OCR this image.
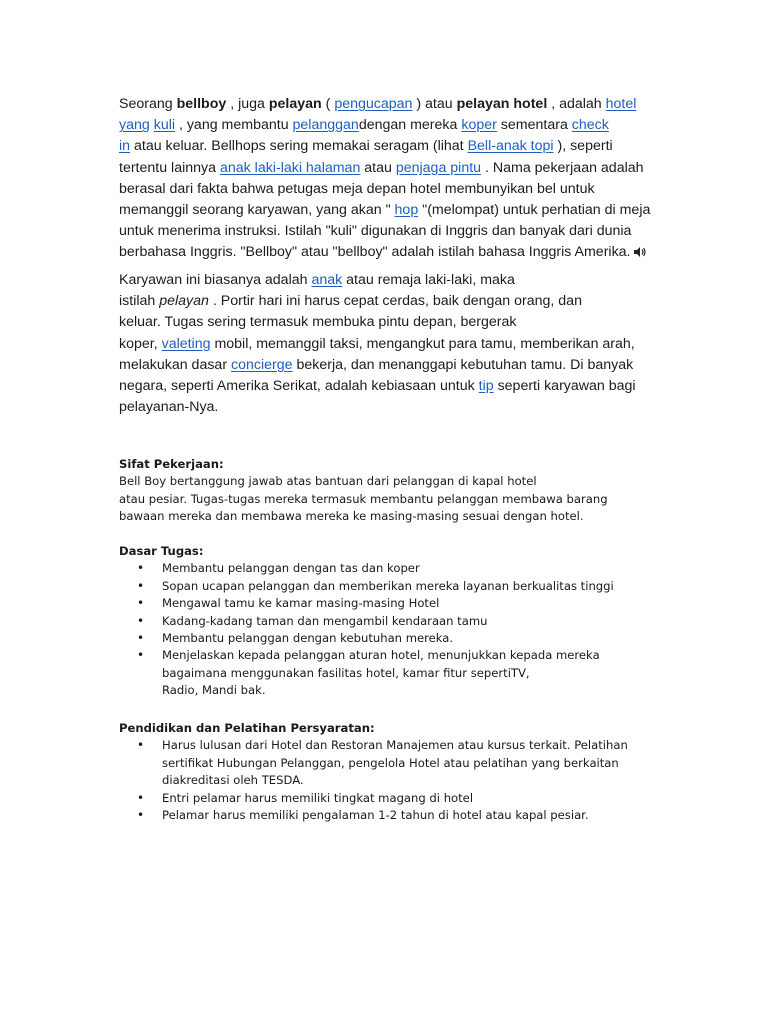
Seorang bellboy , juga pelayan ( pengucapan ) atau pelayan hotel , adalah hotel
yang kuli , yang membantu pelanggandengan mereka koper sementara check
in atau keluar. Bellhops sering memakai seragam (lihat Bell-anak topi ), seperti
tertentu lainnya anak laki-laki halaman atau penjaga pintu . Nama pekerjaan adalah
berasal dari fakta bahwa petugas meja depan hotel membunyikan bel untuk
memanggil seorang karyawan, yang akan " hop "(melompat) untuk perhatian di meja
untuk menerima instruksi. Istilah "kuli" digunakan di Inggris dan banyak dari dunia
berbahasa Inggris. "Bellboy" atau "bellboy" adalah istilah bahasa Inggris Amerika.
Karyawan ini biasanya adalah anak atau remaja laki-laki, maka
istilah pelayan . Portir hari ini harus cepat cerdas, baik dengan orang, dan
keluar. Tugas sering termasuk membuka pintu depan, bergerak
koper, valeting mobil, memanggil taksi, mengangkut para tamu, memberikan arah,
melakukan dasar concierge bekerja, dan menanggapi kebutuhan tamu. Di banyak
negara, seperti Amerika Serikat, adalah kebiasaan untuk tip seperti karyawan bagi
pelayanan-Nya.
Sifat Pekerjaan:
Bell Boy bertanggung jawab atas bantuan dari pelanggan di kapal hotel
atau pesiar. Tugas-tugas mereka termasuk membantu pelanggan membawa barang
bawaan mereka dan membawa mereka ke masing-masing sesuai dengan hotel.
Dasar Tugas:
• Membantu pelanggan dengan tas dan koper
• Sopan ucapan pelanggan dan memberikan mereka layanan berkualitas tinggi
• Mengawal tamu ke kamar masing-masing Hotel
• Kadang-kadang taman dan mengambil kendaraan tamu
• Membantu pelanggan dengan kebutuhan mereka.
• Menjelaskan kepada pelanggan aturan hotel, menunjukkan kepada mereka
bagaimana menggunakan fasilitas hotel, kamar fitur sepertiTV,
Radio, Mandi bak.
Pendidikan dan Pelatihan Persyaratan:
• Harus lulusan dari Hotel dan Restoran Manajemen atau kursus terkait. Pelatihan
sertifikat Hubungan Pelanggan, pengelola Hotel atau pelatihan yang berkaitan
diakreditasi oleh TESDA.
• Entri pelamar harus memiliki tingkat magang di hotel
• Pelamar harus memiliki pengalaman 1-2 tahun di hotel atau kapal pesiar.
